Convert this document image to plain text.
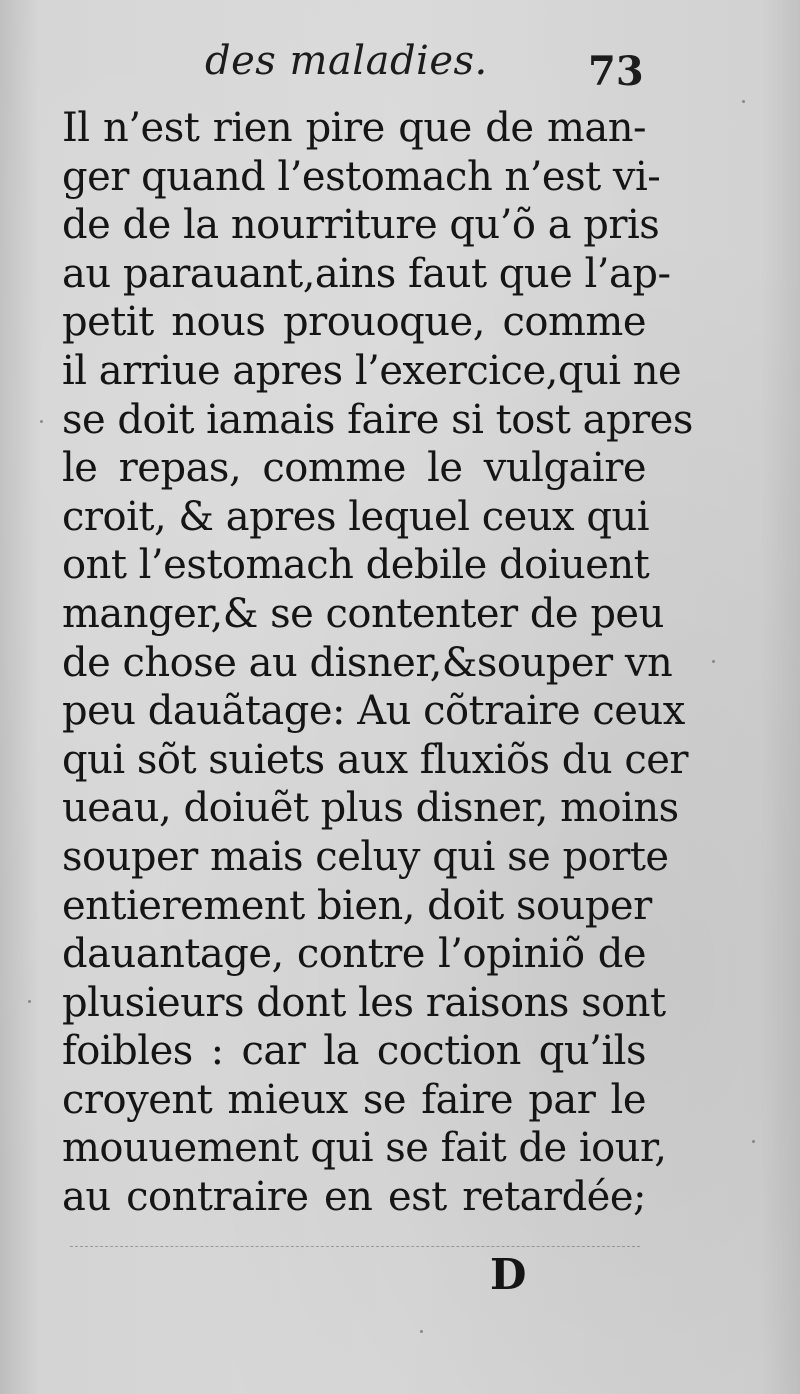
des maladies.	73
Il n’est rien pire que de man-
ger quand l’estomach n’est vi-
de de la nourriture qu’õ a pris
au parauant,ains faut que l’ap-
petit nous prouoque, comme
il arriue apres l’exercice,qui ne
se doit iamais faire si tost apres
le repas, comme le vulgaire
croit, & apres lequel ceux qui
ont l’estomach debile doiuent
manger,& se contenter de peu
de chose au disner,&souper vn
peu dauãtage: Au cõtraire ceux
qui sõt suiets aux fluxiõs du cer
ueau, doiuẽt plus disner, moins
souper mais celuy qui se porte
entierement bien, doit souper
dauantage, contre l’opiniõ de
plusieurs dont les raisons sont
foibles : car la coction qu’ils
croyent mieux se faire par le
mouuement qui se fait de iour,
au contraire en est retardée;
D
